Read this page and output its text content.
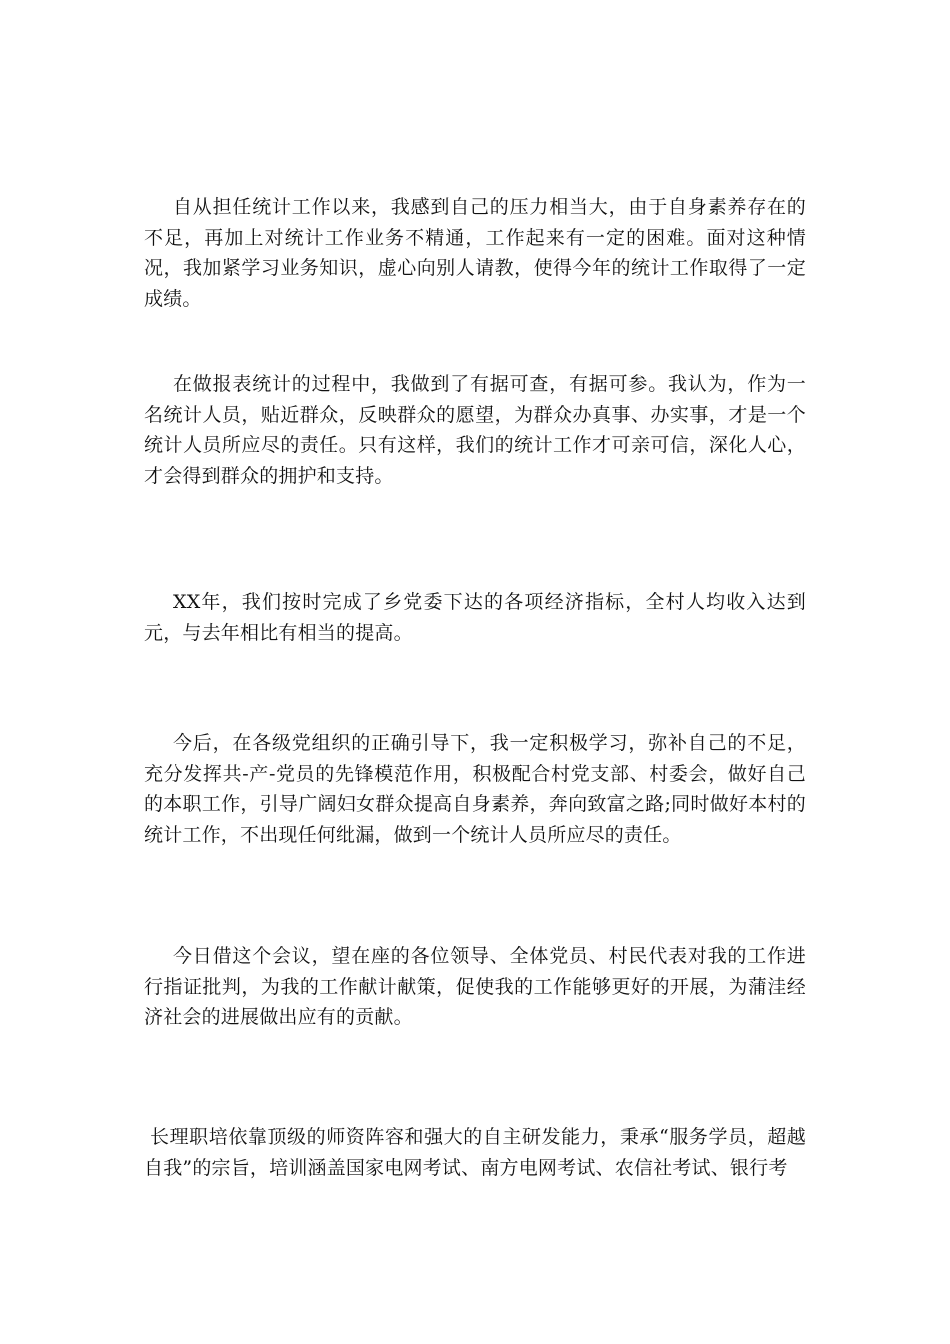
自从担任统计工作以来，我感到自己的压力相当大，由于自身素养存在的不足，再加上对统计工作业务不精通，工作起来有一定的困难。面对这种情况，我加紧学习业务知识，虚心向别人请教，使得今年的统计工作取得了一定成绩。

在做报表统计的过程中，我做到了有据可查，有据可参。我认为，作为一名统计人员，贴近群众，反映群众的愿望，为群众办真事、办实事，才是一个统计人员所应尽的责任。只有这样，我们的统计工作才可亲可信，深化人心，才会得到群众的拥护和支持。

XX年，我们按时完成了乡党委下达的各项经济指标，全村人均收入达到 元，与去年相比有相当的提高。

今后，在各级党组织的正确引导下，我一定积极学习，弥补自己的不足，充分发挥共-产-党员的先锋模范作用，积极配合村党支部、村委会，做好自己的本职工作，引导广阔妇女群众提高自身素养，奔向致富之路;同时做好本村的统计工作，不出现任何纰漏，做到一个统计人员所应尽的责任。

今日借这个会议，望在座的各位领导、全体党员、村民代表对我的工作进行指证批判，为我的工作献计献策，促使我的工作能够更好的开展，为蒲洼经济社会的进展做出应有的贡献。

长理职培依靠顶级的师资阵容和强大的自主研发能力，秉承“服务学员，超越自我”的宗旨，培训涵盖国家电网考试、南方电网考试、农信社考试、银行考
